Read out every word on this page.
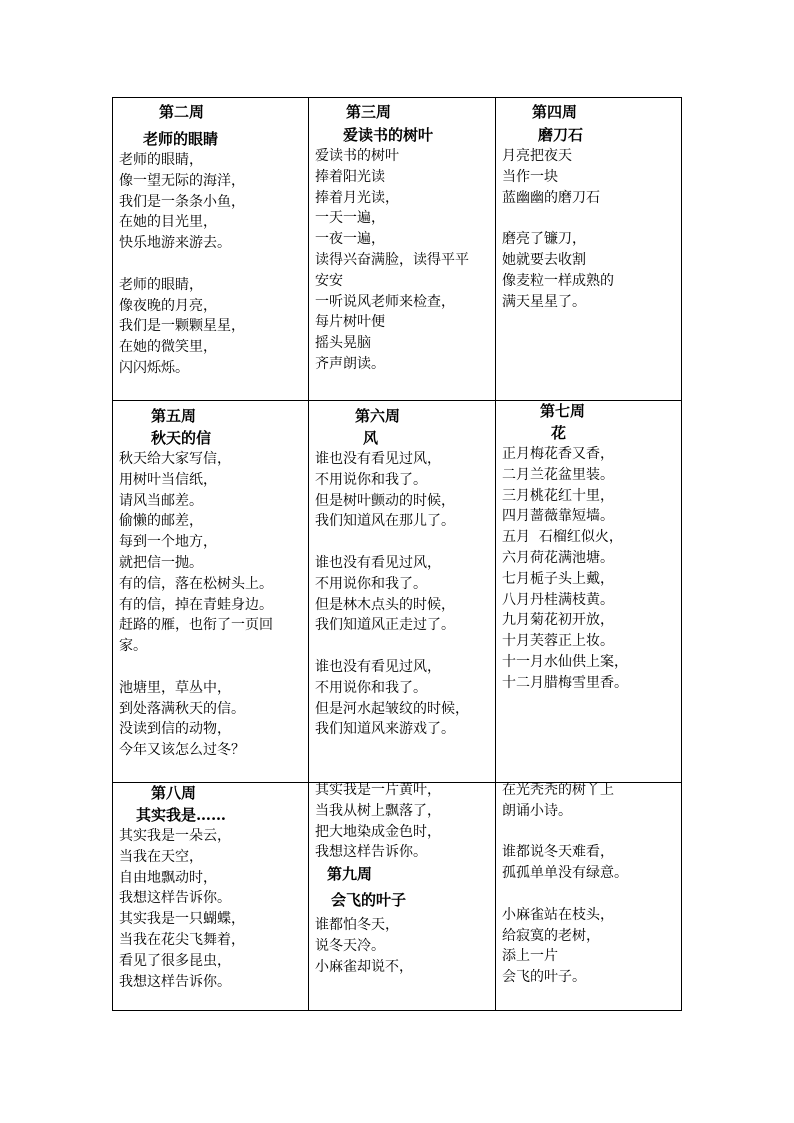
第二周
老师的眼睛
老师的眼睛，
像一望无际的海洋，
我们是一条条小鱼，
在她的目光里，
快乐地游来游去。
老师的眼睛，
像夜晚的月亮，
我们是一颗颗星星，
在她的微笑里，
闪闪烁烁。
第三周
爱读书的树叶
爱读书的树叶
捧着阳光读
捧着月光读，
一天一遍，
一夜一遍，
读得兴奋满脸，读得平平
安安
一听说风老师来检查，
每片树叶便
摇头晃脑
齐声朗读。
第四周
磨刀石
月亮把夜天
当作一块
蓝幽幽的磨刀石
磨亮了镰刀，
她就要去收割
像麦粒一样成熟的
满天星星了。
第五周
秋天的信
秋天给大家写信，
用树叶当信纸，
请风当邮差。
偷懒的邮差，
每到一个地方，
就把信一抛。
有的信，落在松树头上。
有的信，掉在青蛙身边。
赶路的雁，也衔了一页回
家。
池塘里，草丛中，
到处落满秋天的信。
没读到信的动物，
今年又该怎么过冬？
第六周
风
谁也没有看见过风，
不用说你和我了。
但是树叶颤动的时候，
我们知道风在那儿了。
谁也没有看见过风，
不用说你和我了。
但是林木点头的时候，
我们知道风正走过了。
谁也没有看见过风，
不用说你和我了。
但是河水起皱纹的时候，
我们知道风来游戏了。
第七周
花
正月梅花香又香，
二月兰花盆里装。
三月桃花红十里，
四月蔷薇靠短墙。
五月  石榴红似火，
六月荷花满池塘。
七月栀子头上戴，
八月丹桂满枝黄。
九月菊花初开放，
十月芙蓉正上妆。
十一月水仙供上案，
十二月腊梅雪里香。
第八周
其实我是……
其实我是一朵云，
当我在天空，
自由地飘动时，
我想这样告诉你。
其实我是一只蝴蝶，
当我在花尖飞舞着，
看见了很多昆虫，
我想这样告诉你。
其实我是一片黄叶，
当我从树上飘落了，
把大地染成金色时，
我想这样告诉你。
第九周
会飞的叶子
谁都怕冬天，
说冬天冷。
小麻雀却说不，
在光秃秃的树丫上
朗诵小诗。
谁都说冬天难看，
孤孤单单没有绿意。
小麻雀站在枝头，
给寂寞的老树，
添上一片
会飞的叶子。
